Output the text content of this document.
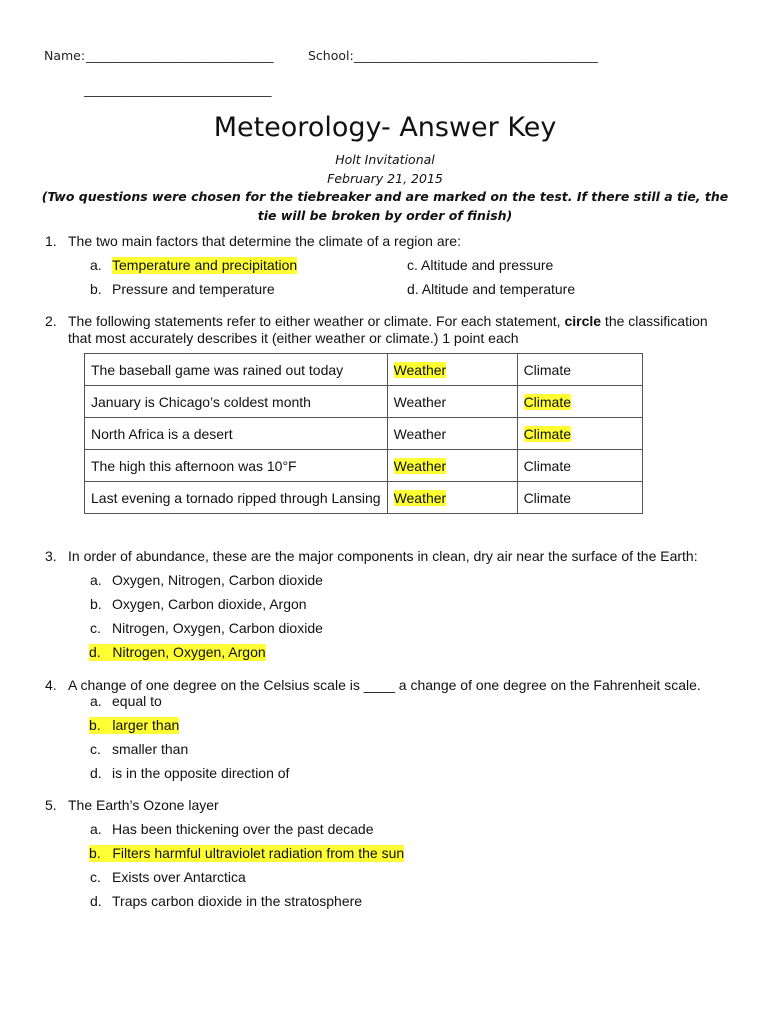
Name: ______________________________	School: _______________________________________
______________________________
Meteorology- Answer Key
Holt Invitational
February 21, 2015
(Two questions were chosen for the tiebreaker and are marked on the test. If there still a tie, the tie will be broken by order of finish)
1. The two main factors that determine the climate of a region are:
a. Temperature and precipitation
b. Pressure and temperature
c. Altitude and pressure
d. Altitude and temperature
2. The following statements refer to either weather or climate. For each statement, circle the classification
that most accurately describes it (either weather or climate.) 1 point each
The baseball game was rained out today	Weather	Climate
January is Chicago’s coldest month	Weather	Climate
North Africa is a desert	Weather	Climate
The high this afternoon was 10°F	Weather	Climate
Last evening a tornado ripped through Lansing	Weather	Climate
3. In order of abundance, these are the major components in clean, dry air near the surface of the Earth:
a. Oxygen, Nitrogen, Carbon dioxide
b. Oxygen, Carbon dioxide, Argon
c. Nitrogen, Oxygen, Carbon dioxide
d. Nitrogen, Oxygen, Argon
4. A change of one degree on the Celsius scale is ____ a change of one degree on the Fahrenheit scale.
a. equal to
b. larger than
c. smaller than
d. is in the opposite direction of
5. The Earth’s Ozone layer
a. Has been thickening over the past decade
b. Filters harmful ultraviolet radiation from the sun
c. Exists over Antarctica
d. Traps carbon dioxide in the stratosphere
